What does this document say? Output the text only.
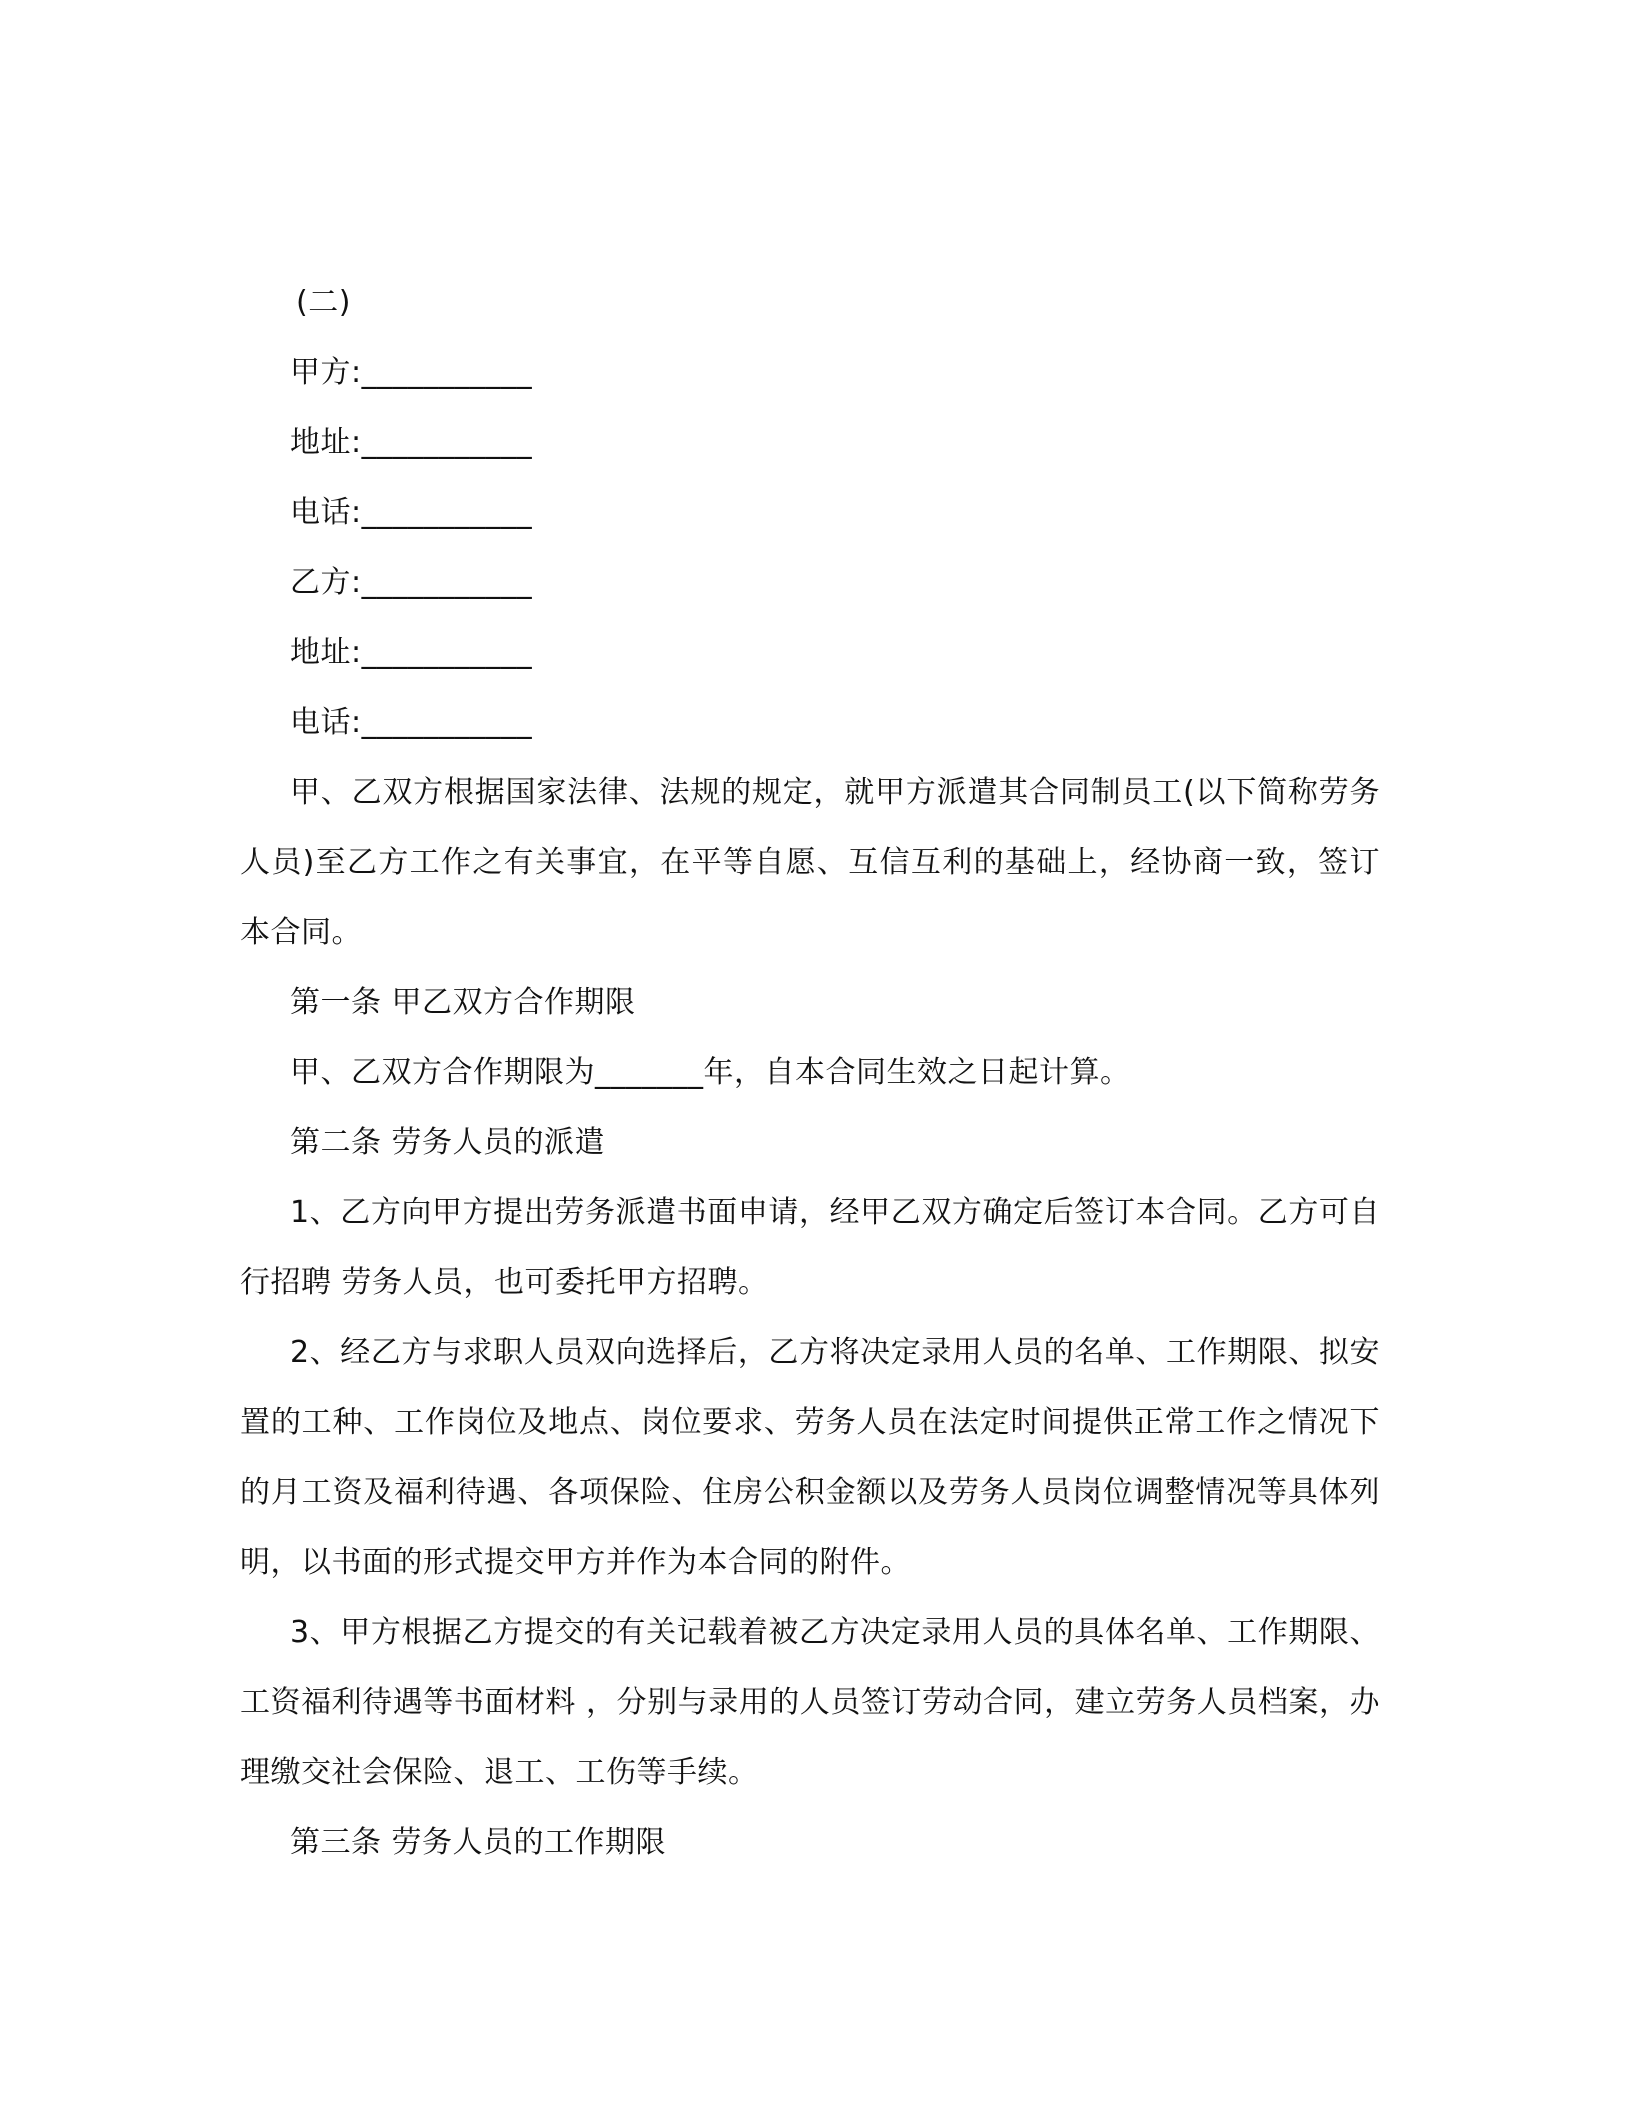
(二)

甲方:___________

地址:___________

电话:___________

乙方:___________

地址:___________

电话:___________

甲、乙双方根据国家法律、法规的规定，就甲方派遣其合同制员工(以下简称劳务人员)至乙方工作之有关事宜，在平等自愿、互信互利的基础上，经协商一致，签订本合同。

第一条 甲乙双方合作期限

甲、乙双方合作期限为_______年，自本合同生效之日起计算。

第二条 劳务人员的派遣

1、乙方向甲方提出劳务派遣书面申请，经甲乙双方确定后签订本合同。乙方可自行招聘 劳务人员，也可委托甲方招聘。

2、经乙方与求职人员双向选择后，乙方将决定录用人员的名单、工作期限、拟安置的工种、工作岗位及地点、岗位要求、劳务人员在法定时间提供正常工作之情况下的月工资及福利待遇、各项保险、住房公积金额以及劳务人员岗位调整情况等具体列明，以书面的形式提交甲方并作为本合同的附件。

3、甲方根据乙方提交的有关记载着被乙方决定录用人员的具体名单、工作期限、工资福利待遇等书面材料 ，分别与录用的人员签订劳动合同，建立劳务人员档案，办理缴交社会保险、退工、工伤等手续。

第三条 劳务人员的工作期限
